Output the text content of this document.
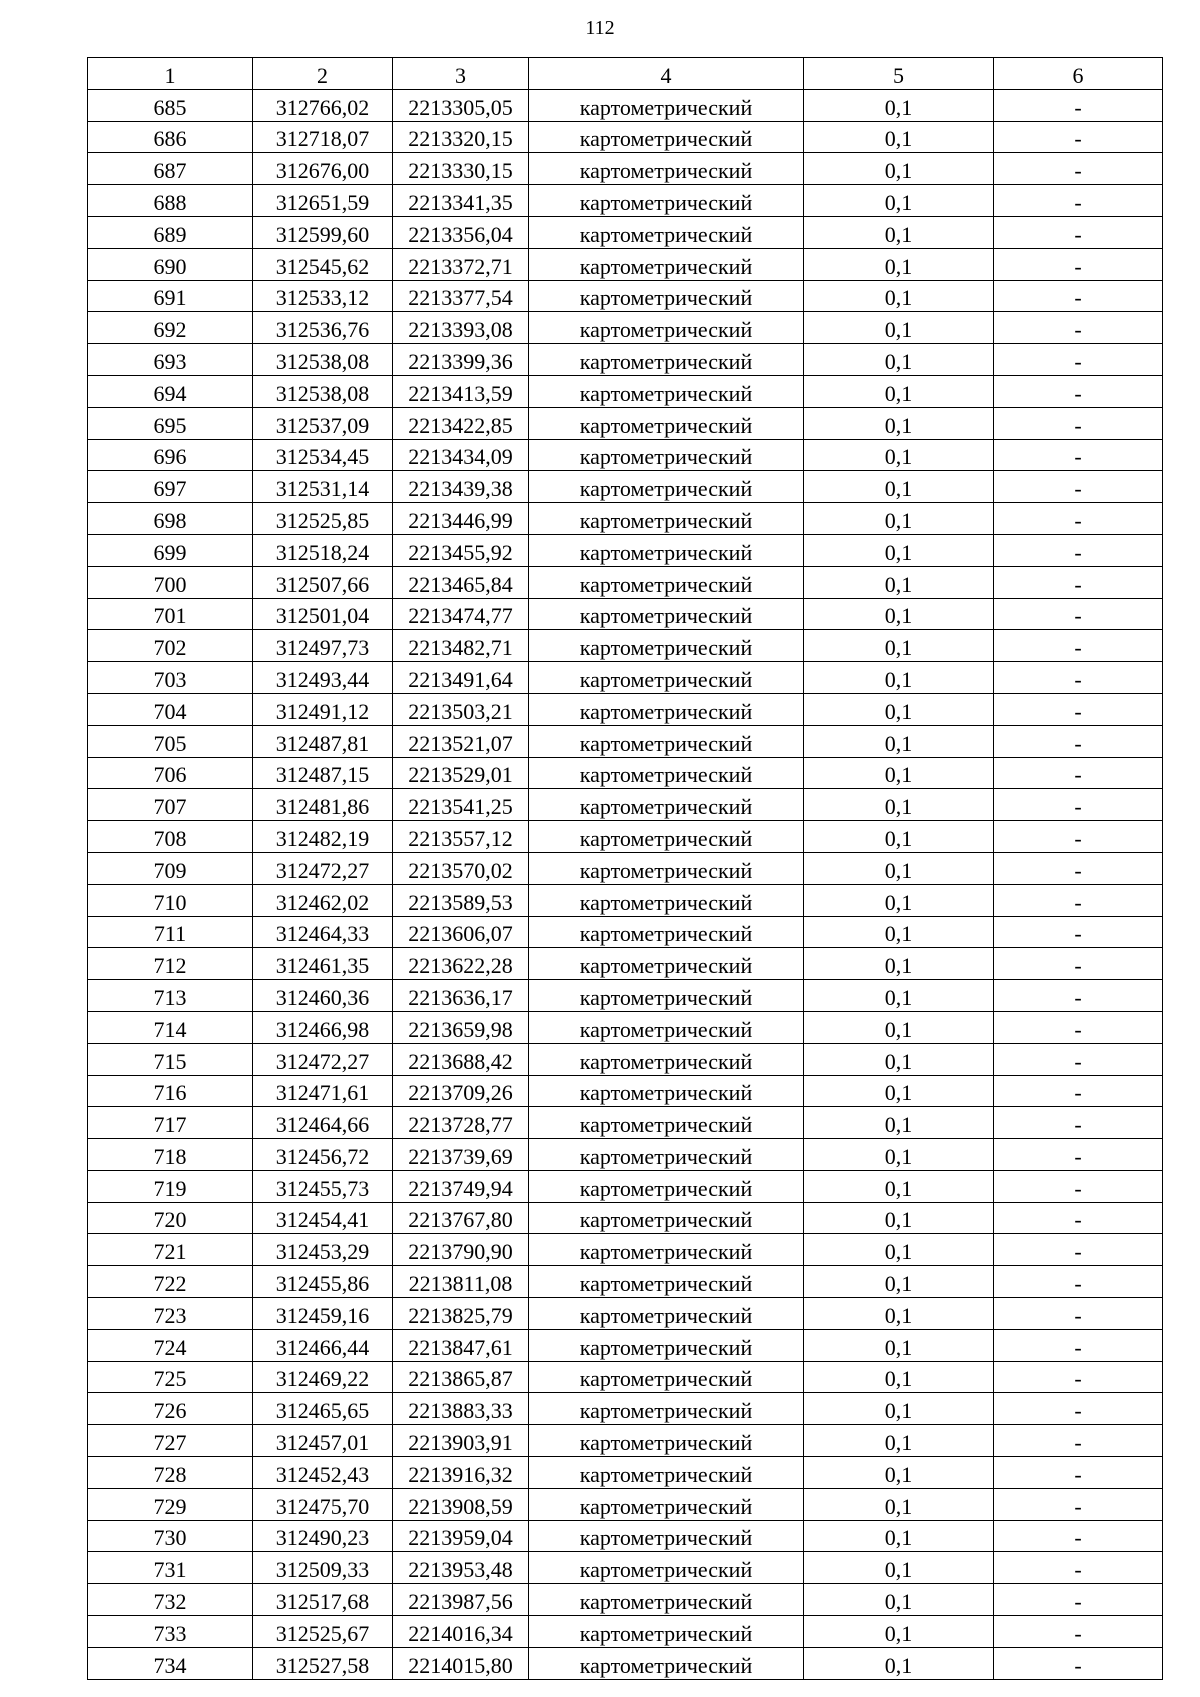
112
1	2	3	4	5	6
685	312766,02	2213305,05	картометрический	0,1	-
686	312718,07	2213320,15	картометрический	0,1	-
687	312676,00	2213330,15	картометрический	0,1	-
688	312651,59	2213341,35	картометрический	0,1	-
689	312599,60	2213356,04	картометрический	0,1	-
690	312545,62	2213372,71	картометрический	0,1	-
691	312533,12	2213377,54	картометрический	0,1	-
692	312536,76	2213393,08	картометрический	0,1	-
693	312538,08	2213399,36	картометрический	0,1	-
694	312538,08	2213413,59	картометрический	0,1	-
695	312537,09	2213422,85	картометрический	0,1	-
696	312534,45	2213434,09	картометрический	0,1	-
697	312531,14	2213439,38	картометрический	0,1	-
698	312525,85	2213446,99	картометрический	0,1	-
699	312518,24	2213455,92	картометрический	0,1	-
700	312507,66	2213465,84	картометрический	0,1	-
701	312501,04	2213474,77	картометрический	0,1	-
702	312497,73	2213482,71	картометрический	0,1	-
703	312493,44	2213491,64	картометрический	0,1	-
704	312491,12	2213503,21	картометрический	0,1	-
705	312487,81	2213521,07	картометрический	0,1	-
706	312487,15	2213529,01	картометрический	0,1	-
707	312481,86	2213541,25	картометрический	0,1	-
708	312482,19	2213557,12	картометрический	0,1	-
709	312472,27	2213570,02	картометрический	0,1	-
710	312462,02	2213589,53	картометрический	0,1	-
711	312464,33	2213606,07	картометрический	0,1	-
712	312461,35	2213622,28	картометрический	0,1	-
713	312460,36	2213636,17	картометрический	0,1	-
714	312466,98	2213659,98	картометрический	0,1	-
715	312472,27	2213688,42	картометрический	0,1	-
716	312471,61	2213709,26	картометрический	0,1	-
717	312464,66	2213728,77	картометрический	0,1	-
718	312456,72	2213739,69	картометрический	0,1	-
719	312455,73	2213749,94	картометрический	0,1	-
720	312454,41	2213767,80	картометрический	0,1	-
721	312453,29	2213790,90	картометрический	0,1	-
722	312455,86	2213811,08	картометрический	0,1	-
723	312459,16	2213825,79	картометрический	0,1	-
724	312466,44	2213847,61	картометрический	0,1	-
725	312469,22	2213865,87	картометрический	0,1	-
726	312465,65	2213883,33	картометрический	0,1	-
727	312457,01	2213903,91	картометрический	0,1	-
728	312452,43	2213916,32	картометрический	0,1	-
729	312475,70	2213908,59	картометрический	0,1	-
730	312490,23	2213959,04	картометрический	0,1	-
731	312509,33	2213953,48	картометрический	0,1	-
732	312517,68	2213987,56	картометрический	0,1	-
733	312525,67	2214016,34	картометрический	0,1	-
734	312527,58	2214015,80	картометрический	0,1	-
